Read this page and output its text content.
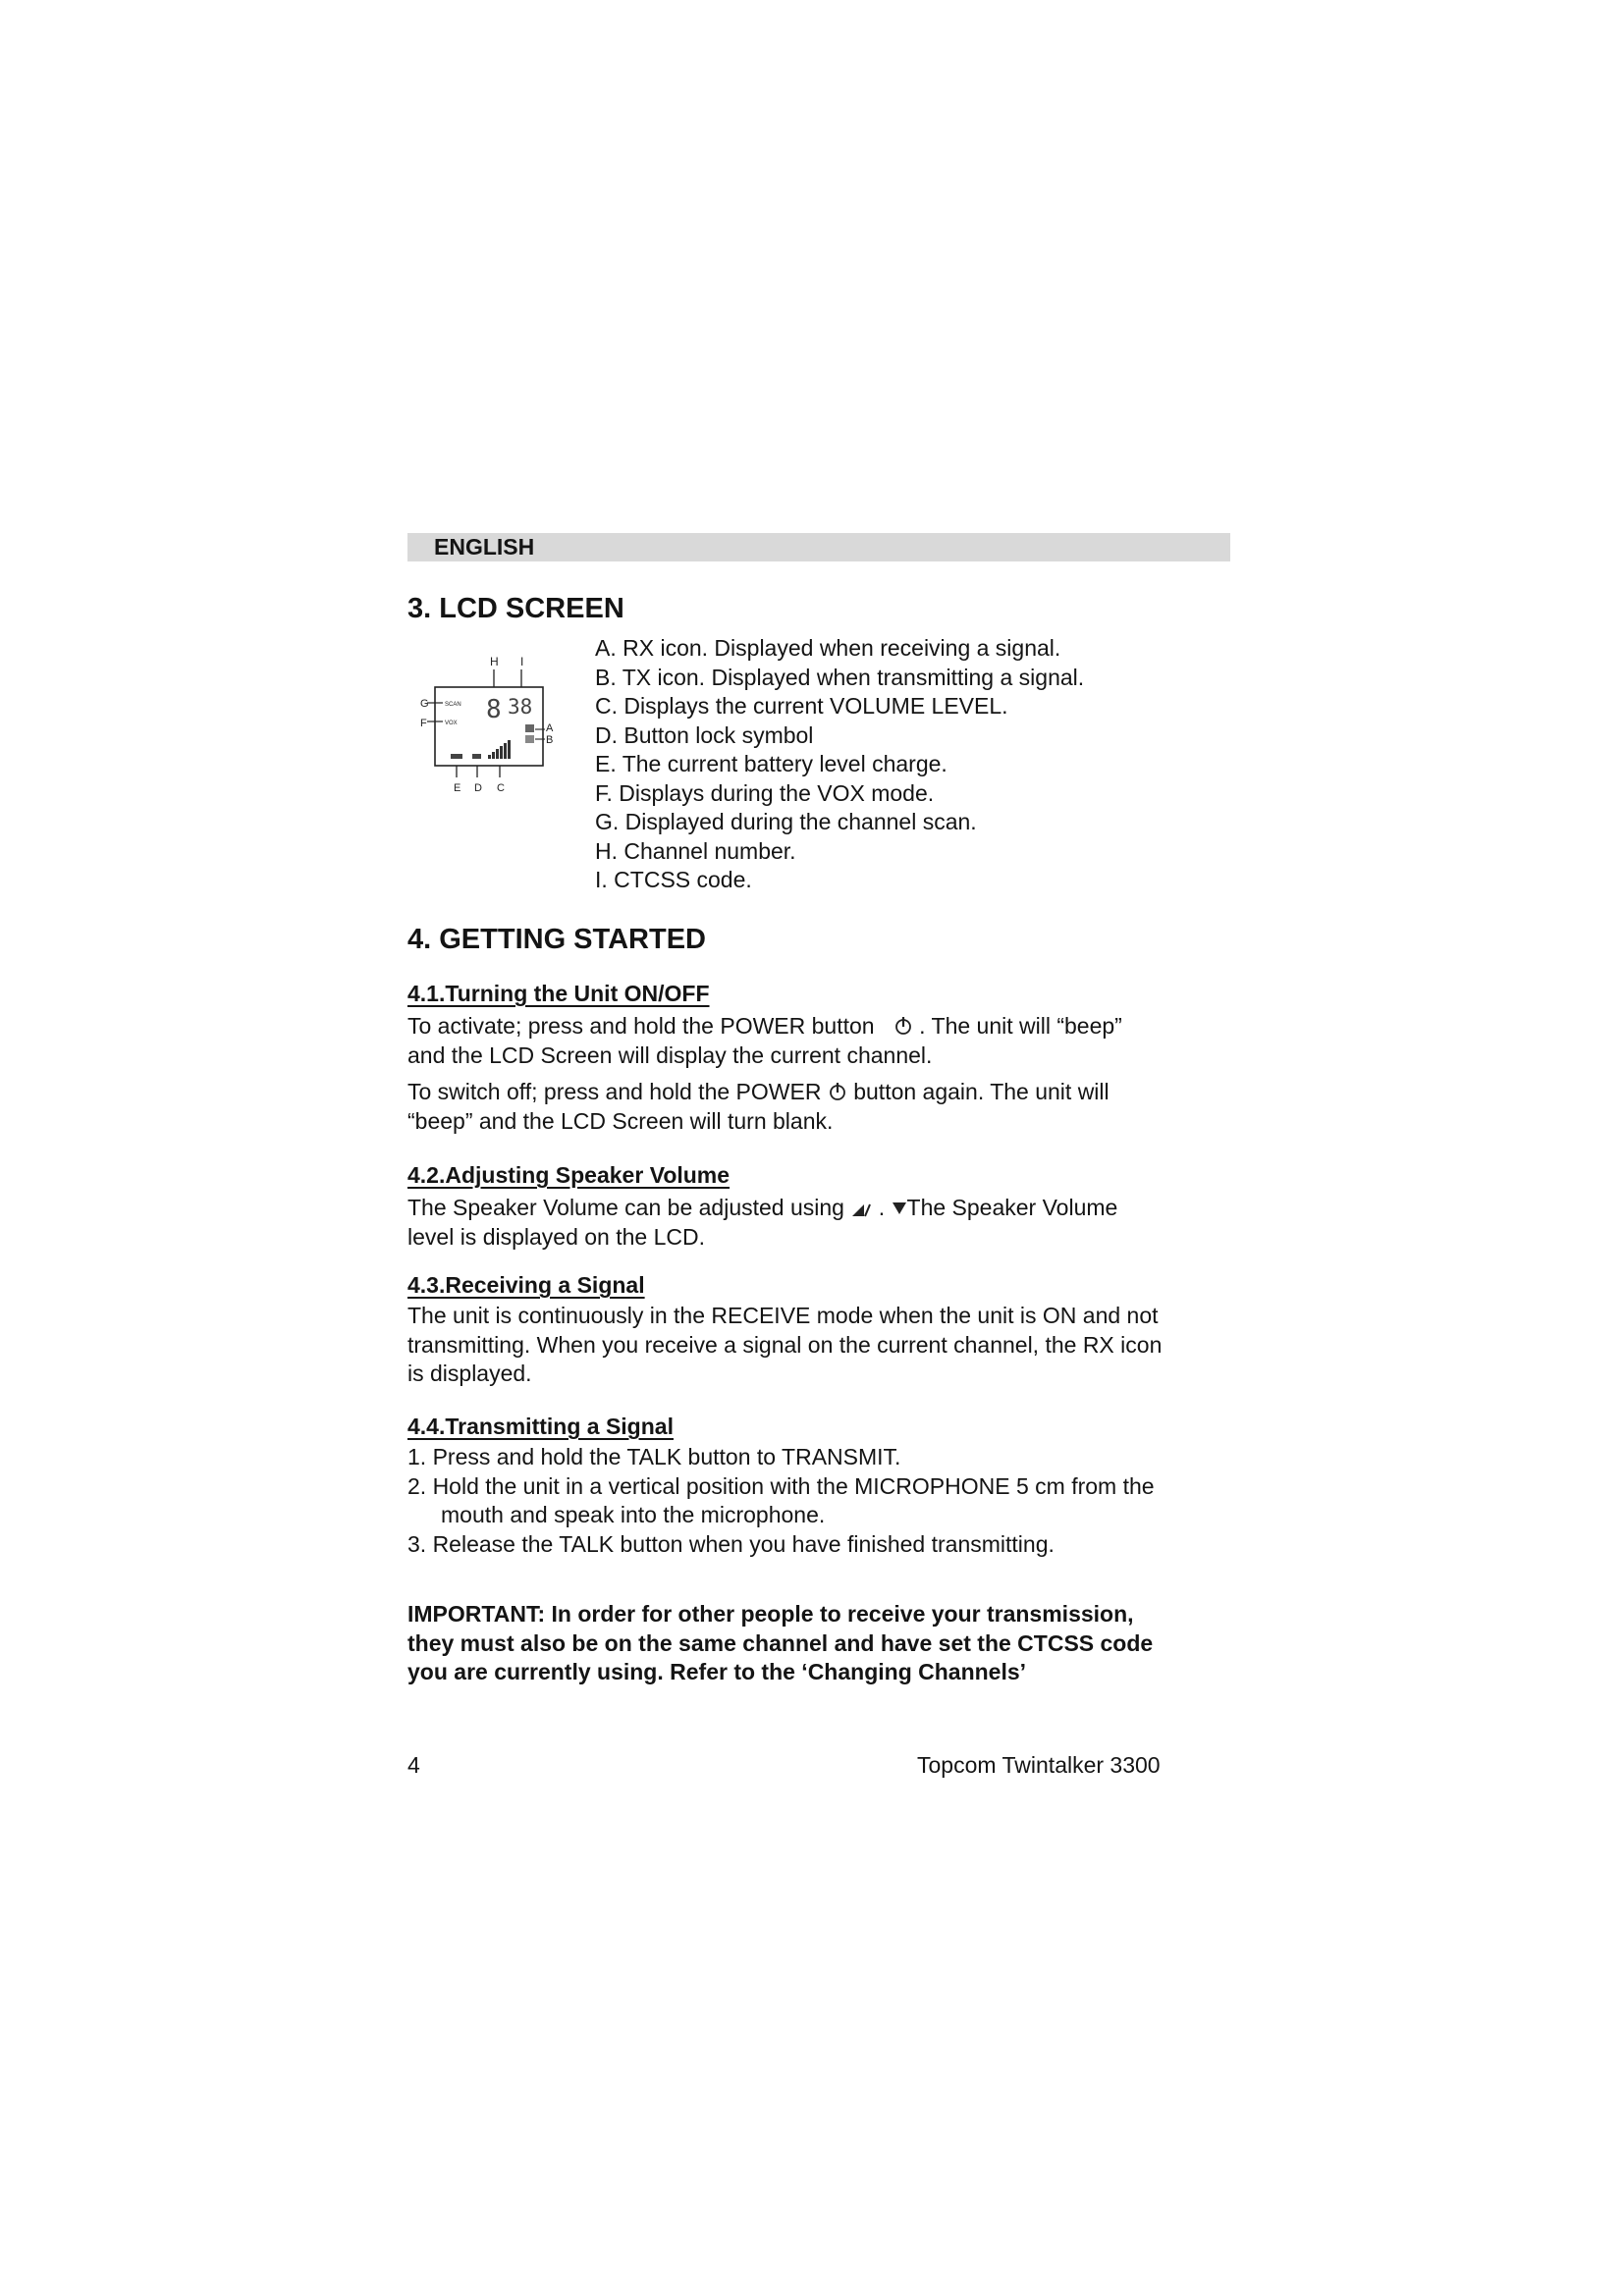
ENGLISH
3. LCD SCREEN
H I
G	SCAN
F	VOX 8 38
A
B
E D C
A. RX icon. Displayed when receiving a signal.
B. TX icon. Displayed when transmitting a signal.
C. Displays the current VOLUME LEVEL.
D. Button lock symbol
E. The current battery level charge.
F. Displays during the VOX mode.
G. Displayed during the channel scan.
H. Channel number.
I. CTCSS code.
4. GETTING STARTED
4.1.Turning the Unit ON/OFF
To activate; press and hold the POWER button . The unit will “beep”
and the LCD Screen will display the current channel.
To switch off; press and hold the POWER button again. The unit will
“beep” and the LCD Screen will turn blank.
4.2.Adjusting Speaker Volume
The Speaker Volume can be adjusted using . The Speaker Volume
level is displayed on the LCD.
4.3.Receiving a Signal
The unit is continuously in the RECEIVE mode when the unit is ON and not
transmitting. When you receive a signal on the current channel, the RX icon
is displayed.
4.4.Transmitting a Signal
1. Press and hold the TALK button to TRANSMIT.
2. Hold the unit in a vertical position with the MICROPHONE 5 cm from the
mouth and speak into the microphone.
3. Release the TALK button when you have finished transmitting.
IMPORTANT: In order for other people to receive your transmission,
they must also be on the same channel and have set the CTCSS code
you are currently using. Refer to the ‘Changing Channels’
4	Topcom Twintalker 3300
